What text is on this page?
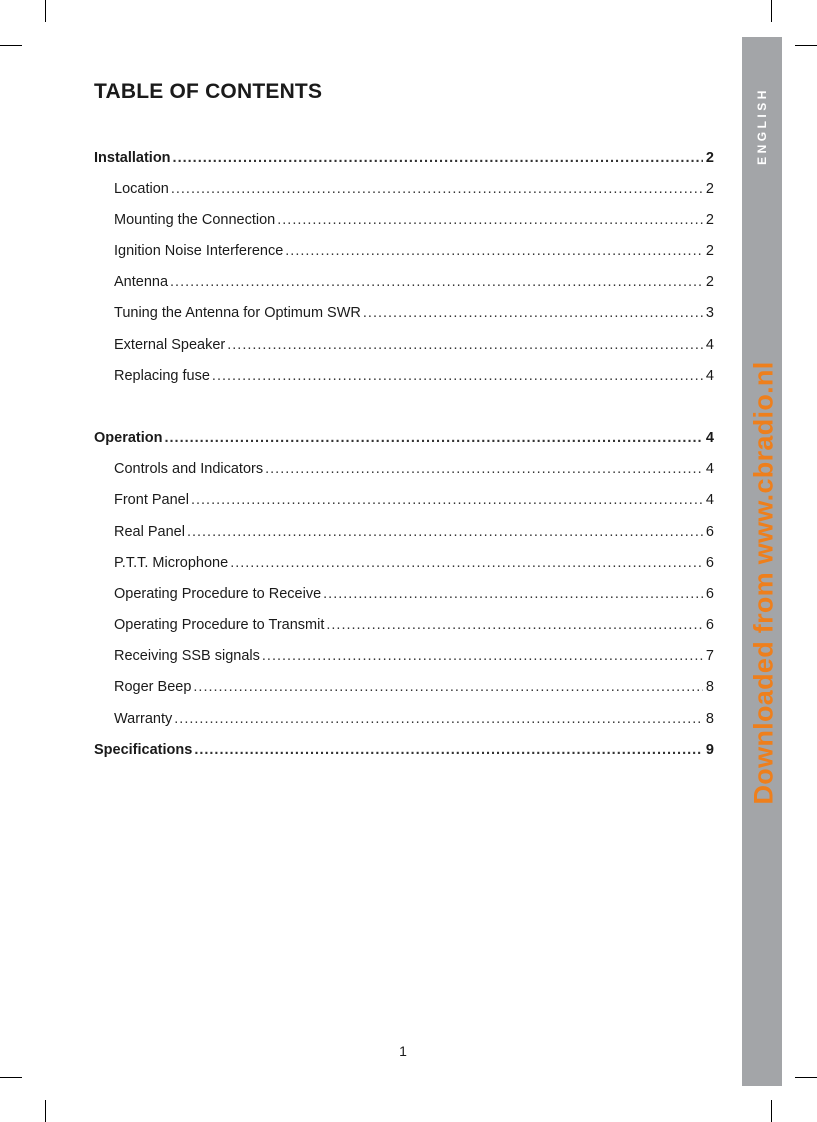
ENGLISH
Downloaded from www.cbradio.nl
TABLE OF CONTENTS
Installation .....	2
Location .....	2
Mounting the Connection .....	2
Ignition Noise Interference .....	2
Antenna .....	2
Tuning the Antenna for Optimum SWR .....	3
External Speaker .....	4
Replacing fuse .....	4
Operation .....	4
Controls and Indicators .....	4
Front Panel .....	4
Real Panel .....	6
P.T.T. Microphone .....	6
Operating Procedure to Receive .....	6
Operating Procedure to Transmit .....	6
Receiving SSB signals .....	7
Roger Beep .....	8
Warranty .....	8
Specifications .....	9
1
